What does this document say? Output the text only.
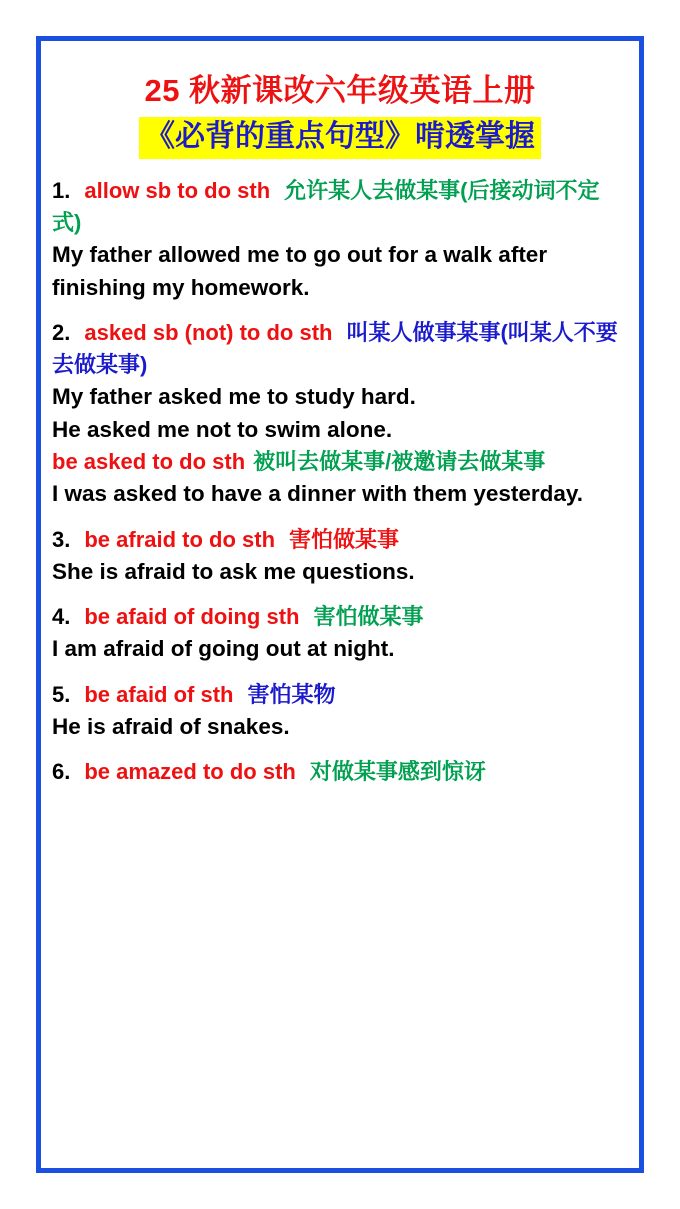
25 秋新课改六年级英语上册
《必背的重点句型》啃透掌握
1. allow sb to do sth 允许某人去做某事(后接动词不定式)
My father allowed me to go out for a walk after finishing my homework.
2. asked sb (not) to do sth 叫某人做事某事(叫某人不要去做某事)
My father asked me to study hard.
He asked me not to swim alone.
be asked to do sth 被叫去做某事/被邀请去做某事
I was asked to have a dinner with them yesterday.
3. be afraid to do sth 害怕做某事
She is afraid to ask me questions.
4. be afaid of doing sth 害怕做某事
I am afraid of going out at night.
5. be afaid of sth 害怕某物
He is afraid of snakes.
6. be amazed to do sth 对做某事感到惊讶
